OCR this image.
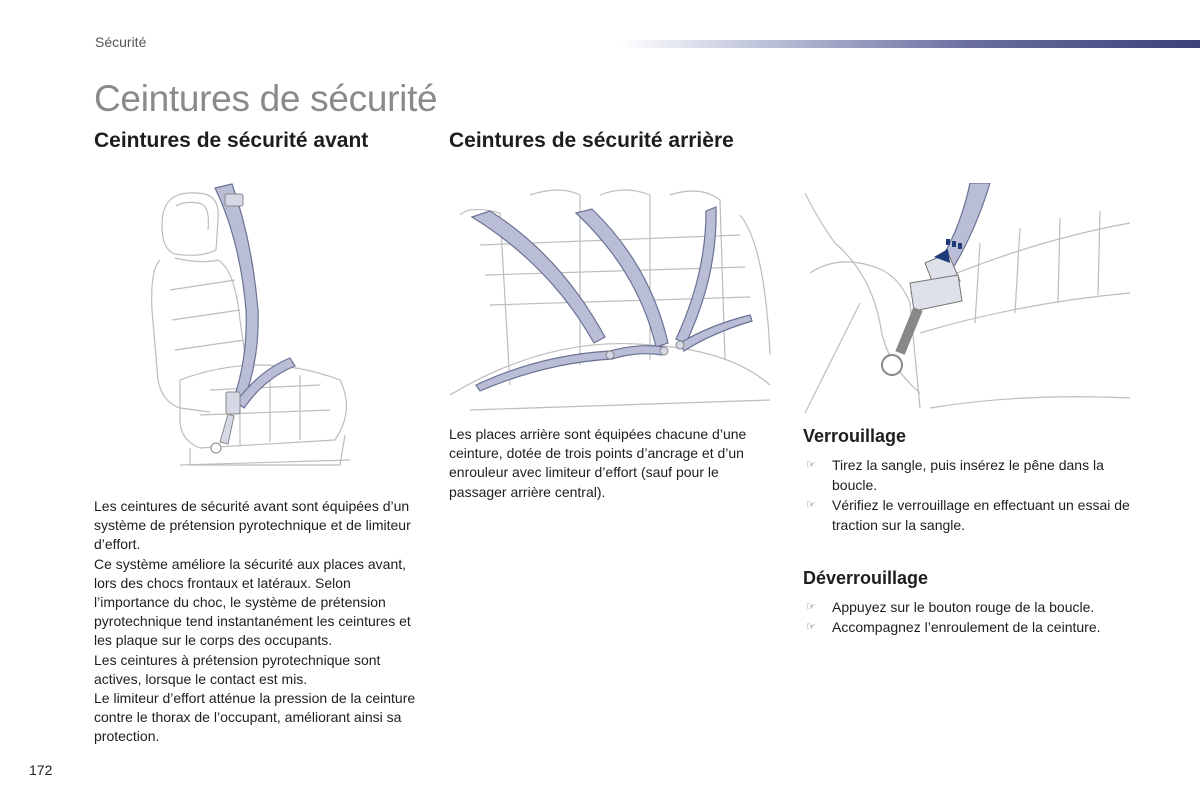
Sécurité
Ceintures de sécurité
Ceintures de sécurité avant	Ceintures de sécurité arrière

Les ceintures de sécurité avant sont équipées d’un système de prétension pyrotechnique et de limiteur d’effort.

Ce système améliore la sécurité aux places avant, lors des chocs frontaux et latéraux. Selon l’importance du choc, le système de prétension pyrotechnique tend instantanément les ceintures et les plaque sur le corps des occupants.

Les ceintures à prétension pyrotechnique sont actives, lorsque le contact est mis.

Le limiteur d’effort atténue la pression de la ceinture contre le thorax de l’occupant, améliorant ainsi sa protection.

Les places arrière sont équipées chacune d’une ceinture, dotée de trois points d’ancrage et d’un enrouleur avec limiteur d’effort (sauf pour le passager arrière central).

Verrouillage
☞ Tirez la sangle, puis insérez le pêne dans la boucle.
☞ Vérifiez le verrouillage en effectuant un essai de traction sur la sangle.
Déverrouillage
☞ Appuyez sur le bouton rouge de la boucle.
☞ Accompagnez l’enroulement de la ceinture.
172
